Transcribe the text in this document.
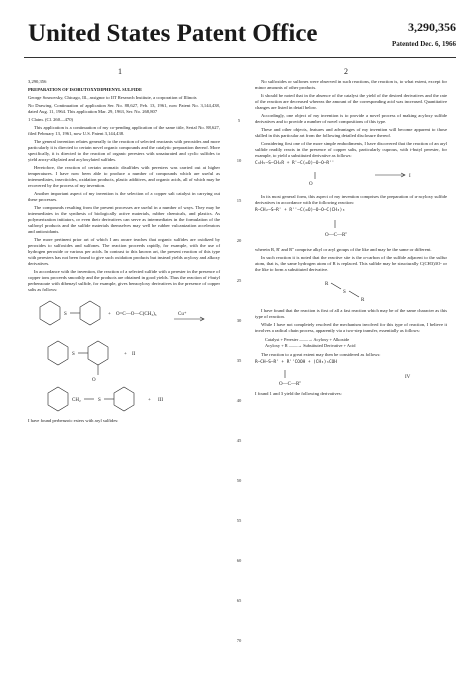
United States Patent Office	3,290,356
Patented Dec. 6, 1966
1	2
5
10
15
20
25
30
35
40
45
50
55
60
65
70

3,290,356

PREPARATION OF ISOBUTOXYDIPHENYL SULFIDE

George Sosnovsky, Chicago, Ill., assignor to IIT Research Institute, a corporation of Illinois

No Drawing. Continuation of application Ser. No. 88,627, Feb. 13, 1961, now Patent No. 3,144,438, dated Aug. 11, 1964. This application Mar. 29, 1963, Ser. No. 268,807

1 Claim. (Cl. 260—470)

This application is a continuation of my co-pending application of the same title, Serial No. 88,627, filed February 13, 1961, now U.S. Patent 3,144,438.

The general invention relates generally to the reaction of selected reactants with peroxides and more particularly it is directed to certain novel organic compounds and the catalytic preparation thereof. More specifically, it is directed to the reaction of organic peresters with unsaturated and cyclic sulfides to yield aroxy-alkylated and acyloxylated sulfides.

Heretofore, the reaction of certain aromatic disulfides with peresters was carried out at higher temperatures. I have now been able to produce a number of compounds which are useful as intermediates, insecticides, oxidation products, plastic additives, and organic acids, all of which may be recovered by the process of my invention.

Another important aspect of my invention is the selection of a copper salt catalyst in carrying out these processes.

The compounds resulting from the present processes are useful in a number of ways. They may be intermediates in the synthesis of biologically active materials, rubber chemicals, and plastics. As polymerization initiators, or even their derivatives can serve as intermediates in the formulation of the sulfonyl products and the sulfide materials themselves may well be rubber vulcanization accelerators and antioxidants.

The more pertinent prior art of which I am aware teaches that organic sulfides are oxidized by peroxides to sulfoxides and sulfones. The reaction proceeds rapidly, for example, with the use of hydrogen peroxide or various per acids. In contrast to this known art, the present reaction of this type with peresters has not been found to give such oxidation products but instead yields acyloxy and alkoxy derivatives.

In accordance with the invention, the reaction of a selected sulfide with a perester in the presence of copper ions proceeds smoothly and the products are obtained in good yields. Thus the reaction of t-butyl perbenzoate with dibenzyl sulfide, for example, gives benzoyloxy derivatives in the presence of copper salts as follows:

S	+ O=C—O—C(CH₃)₃	Cu⁺
S
O
+ II
CH₂	S	+ III

I have found perbenzoic esters with aryl sulfides:

No sulfoxides or sulfones were observed in such reactions, the reaction is, to what extent, except for minor amounts of other products.

It should be noted that in the absence of the catalyst the yield of the desired derivatives and the rate of the reaction are decreased whereas the amount of the corresponding acid was increased. Quantitative changes are listed in detail below.

Accordingly, one object of my invention is to provide a novel process of making acyloxy sulfide derivatives and to provide a number of novel compositions of this type.

These and other objects, features and advantages of my invention will become apparent to those skilled in this particular art from the following detailed disclosure thereof.

Considering first one of the more simple embodiments, I have discovered that the reaction of an aryl sulfide readily reacts in the presence of copper salts, particularly cuprous, with t-butyl perester, for example, to yield a substituted derivative as follows:

C₆H₅—S—CH₂R + R'—C(=O)—O—O—R''
O
I

In its most general form, this aspect of my invention comprises the preparation of α-acyloxy sulfide derivatives in accordance with the following reaction:

R—CH₂—S—R' + R''—C(=O)—O—O—C(CH₃)₃
O—C—R''

wherein R, R' and R'' comprise alkyl or aryl groups of the like and may be the same or different.

In such reaction it is noted that the reactive site is the α-carbon of the sulfide adjacent to the sulfur atom, that is, the same hydrogen atom of R is replaced. This sulfide may be structurally C(CH3)3O- or the like to form a substituted derivative.

R
S
R

I have found that the reaction is first of all a fast reaction which may be of the same character as this type of reaction.

While I have not completely resolved the mechanism involved for this type of reaction, I believe it involves a radical chain process, apparently via a two-step transfer, essentially as follows:

Catalyst + Perester ——→ Acyloxy + Alkoxide
Acyloxy + R ——→ Substituted Derivative + Acid

The reaction to a great extent may then be considered as follows:

R—CH—S—R' + R''COOH + (CH₃)₃COH
O—C—R''
IV

I found 1 and 3 yield the following derivatives:
